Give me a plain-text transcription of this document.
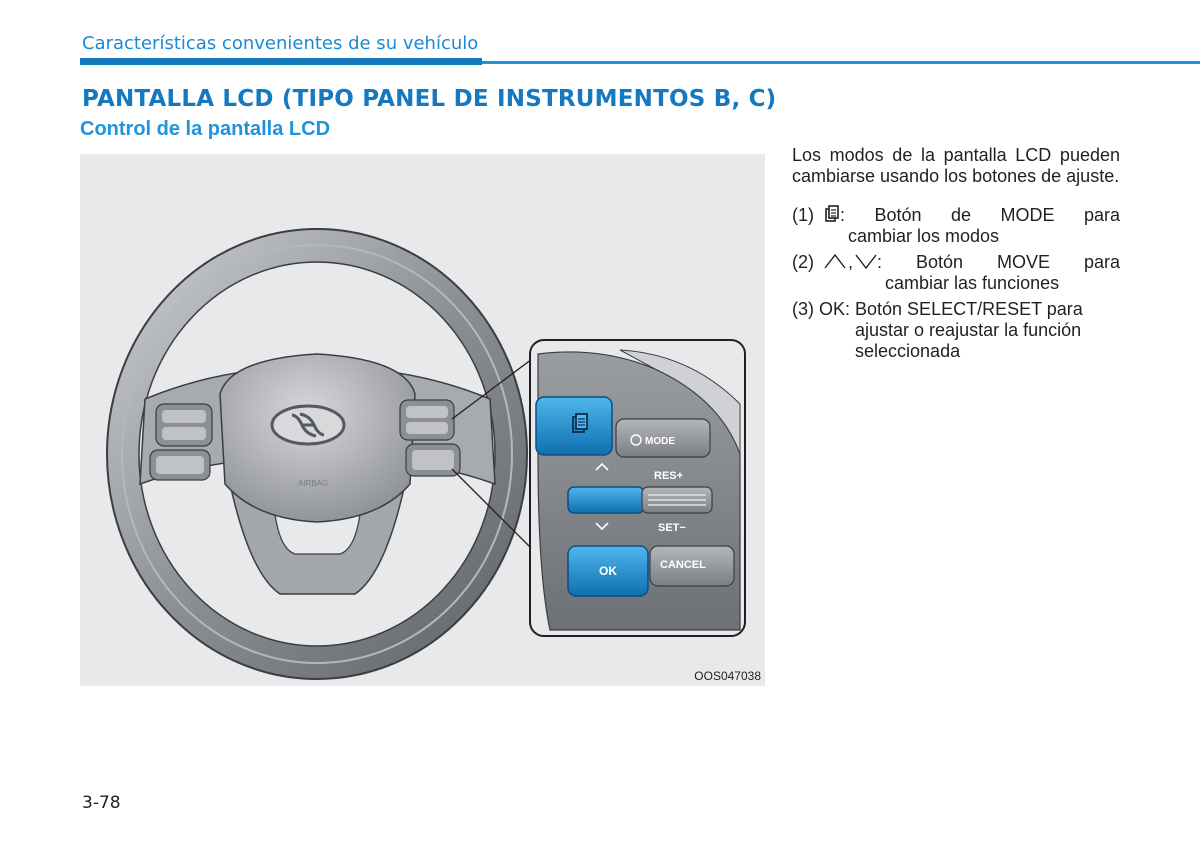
Características convenientes de su vehículo
PANTALLA LCD (TIPO PANEL DE INSTRUMENTOS B, C)
Control de la pantalla LCD
AIRBAG
MODE
RES+
SET−
OK	CANCEL
OOS047038

Los modos de la pantalla LCD pueden cambiarse usando los botones de ajuste.

(1) : Botón de MODE para
cambiar los modos
(2) , : Botón MOVE para
cambiar las funciones
(3) OK: Botón SELECT/RESET para
ajustar o reajustar la función
seleccionada
3-78
